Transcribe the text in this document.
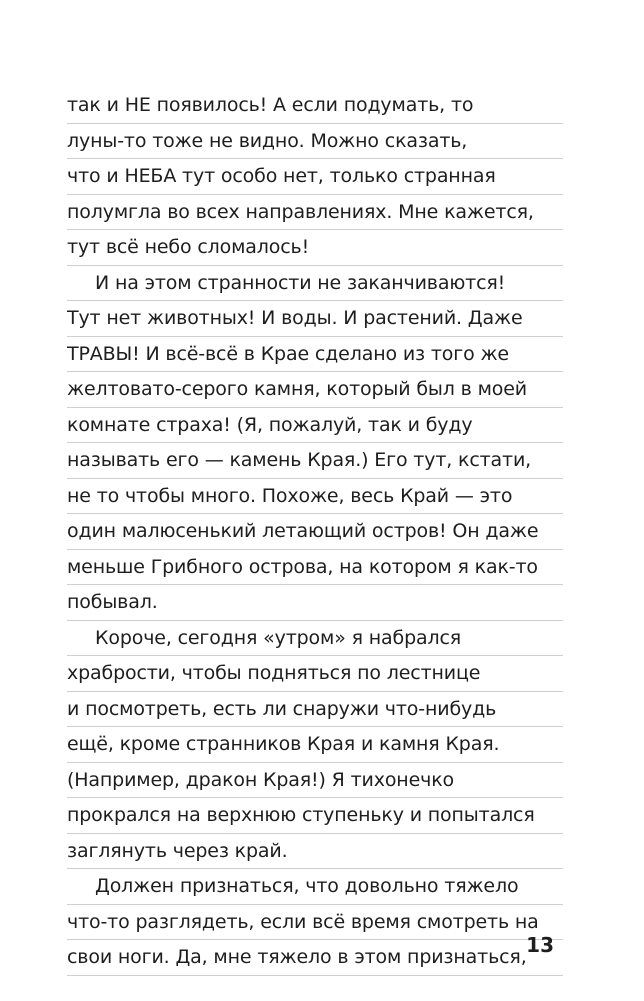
так и НЕ появилось! А если подумать, то
луны-то тоже не видно. Можно сказать,
что и НЕБА тут особо нет, только странная
полумгла во всех направлениях. Мне кажется,
тут всё небо сломалось!
И на этом странности не заканчиваются!
Тут нет животных! И воды. И растений. Даже
ТРАВЫ! И всё-всё в Крае сделано из того же
желтовато-серого камня, который был в моей
комнате страха! (Я, пожалуй, так и буду
называть его — камень Края.) Его тут, кстати,
не то чтобы много. Похоже, весь Край — это
один малюсенький летающий остров! Он даже
меньше Грибного острова, на котором я как-то
побывал.
Короче, сегодня «утром» я набрался
храбрости, чтобы подняться по лестнице
и посмотреть, есть ли снаружи что-нибудь
ещё, кроме странников Края и камня Края.
(Например, дракон Края!) Я тихонечко
прокрался на верхнюю ступеньку и попытался
заглянуть через край.
Должен признаться, что довольно тяжело
что-то разглядеть, если всё время смотреть на
свои ноги. Да, мне тяжело в этом признаться, 13
